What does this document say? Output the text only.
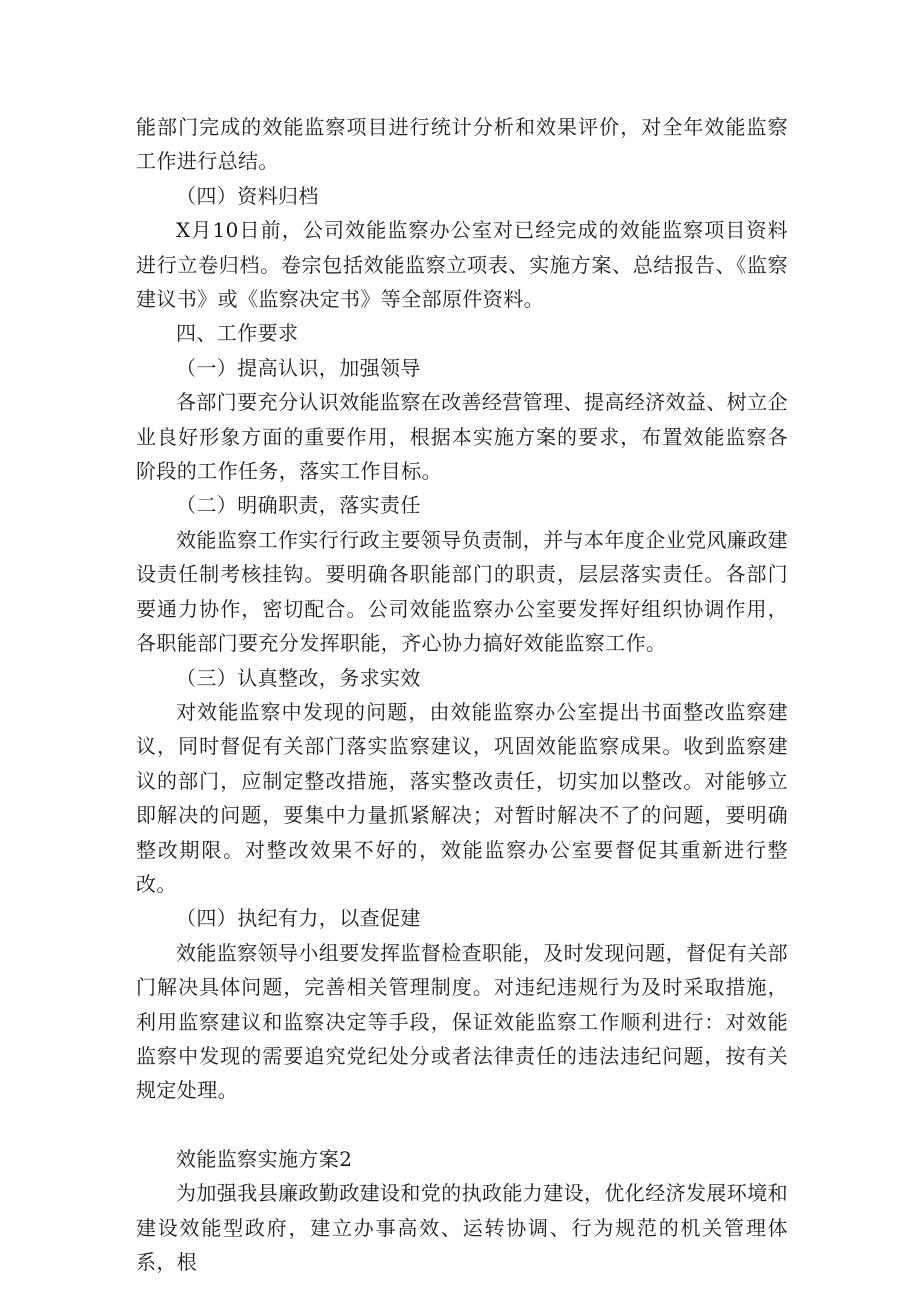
能部门完成的效能监察项目进行统计分析和效果评价，对全年效能监察工作进行总结。

（四）资料归档

X月10日前，公司效能监察办公室对已经完成的效能监察项目资料进行立卷归档。卷宗包括效能监察立项表、实施方案、总结报告、《监察建议书》或《监察决定书》等全部原件资料。

四、工作要求

（一）提高认识，加强领导

各部门要充分认识效能监察在改善经营管理、提高经济效益、树立企业良好形象方面的重要作用，根据本实施方案的要求，布置效能监察各阶段的工作任务，落实工作目标。

（二）明确职责，落实责任

效能监察工作实行行政主要领导负责制，并与本年度企业党风廉政建设责任制考核挂钩。要明确各职能部门的职责，层层落实责任。各部门要通力协作，密切配合。公司效能监察办公室要发挥好组织协调作用，各职能部门要充分发挥职能，齐心协力搞好效能监察工作。

（三）认真整改，务求实效

对效能监察中发现的问题，由效能监察办公室提出书面整改监察建议，同时督促有关部门落实监察建议，巩固效能监察成果。收到监察建议的部门，应制定整改措施，落实整改责任，切实加以整改。对能够立即解决的问题，要集中力量抓紧解决；对暂时解决不了的问题，要明确整改期限。对整改效果不好的，效能监察办公室要督促其重新进行整改。

（四）执纪有力，以查促建

效能监察领导小组要发挥监督检查职能，及时发现问题，督促有关部门解决具体问题，完善相关管理制度。对违纪违规行为及时采取措施，利用监察建议和监察决定等手段，保证效能监察工作顺利进行：对效能监察中发现的需要追究党纪处分或者法律责任的违法违纪问题，按有关规定处理。

效能监察实施方案2

为加强我县廉政勤政建设和党的执政能力建设，优化经济发展环境和建设效能型政府，建立办事高效、运转协调、行为规范的机关管理体系，根
